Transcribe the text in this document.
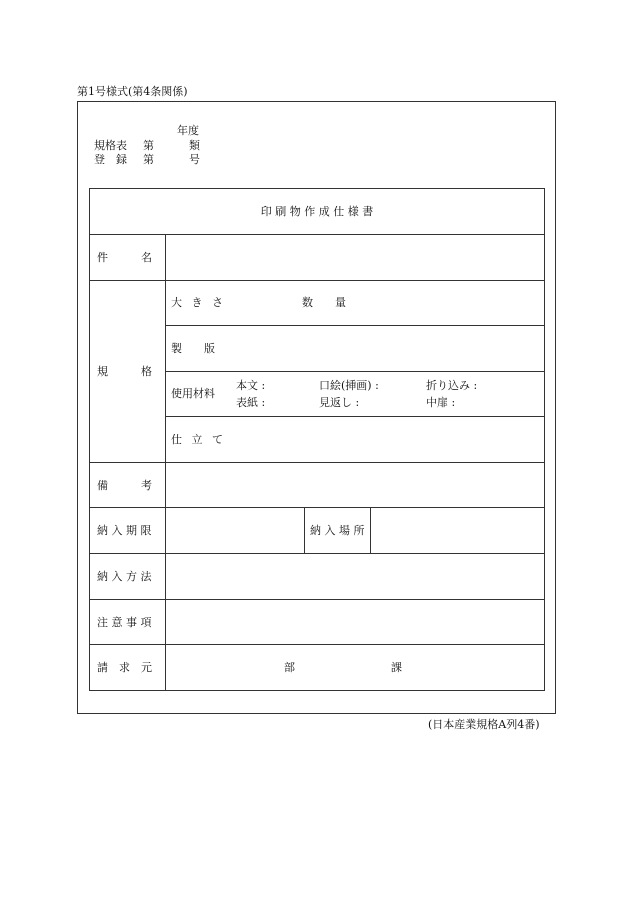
第1号様式(第4条関係)
年度
規格表 第	類
登　録 第	号
印 刷 物 作 成 仕 様 書
件　　　名
規　　　格
大 き さ	数　　量
製　　版
使用材料
本文 :	口絵(挿画) :	折り込み :
表紙 :	見返し :	中扉 :
仕 立 て
備　　　考
納 入 期 限	納 入 場 所
納 入 方 法
注 意 事 項
請　求　元	部	課
(日本産業規格A列4番)
